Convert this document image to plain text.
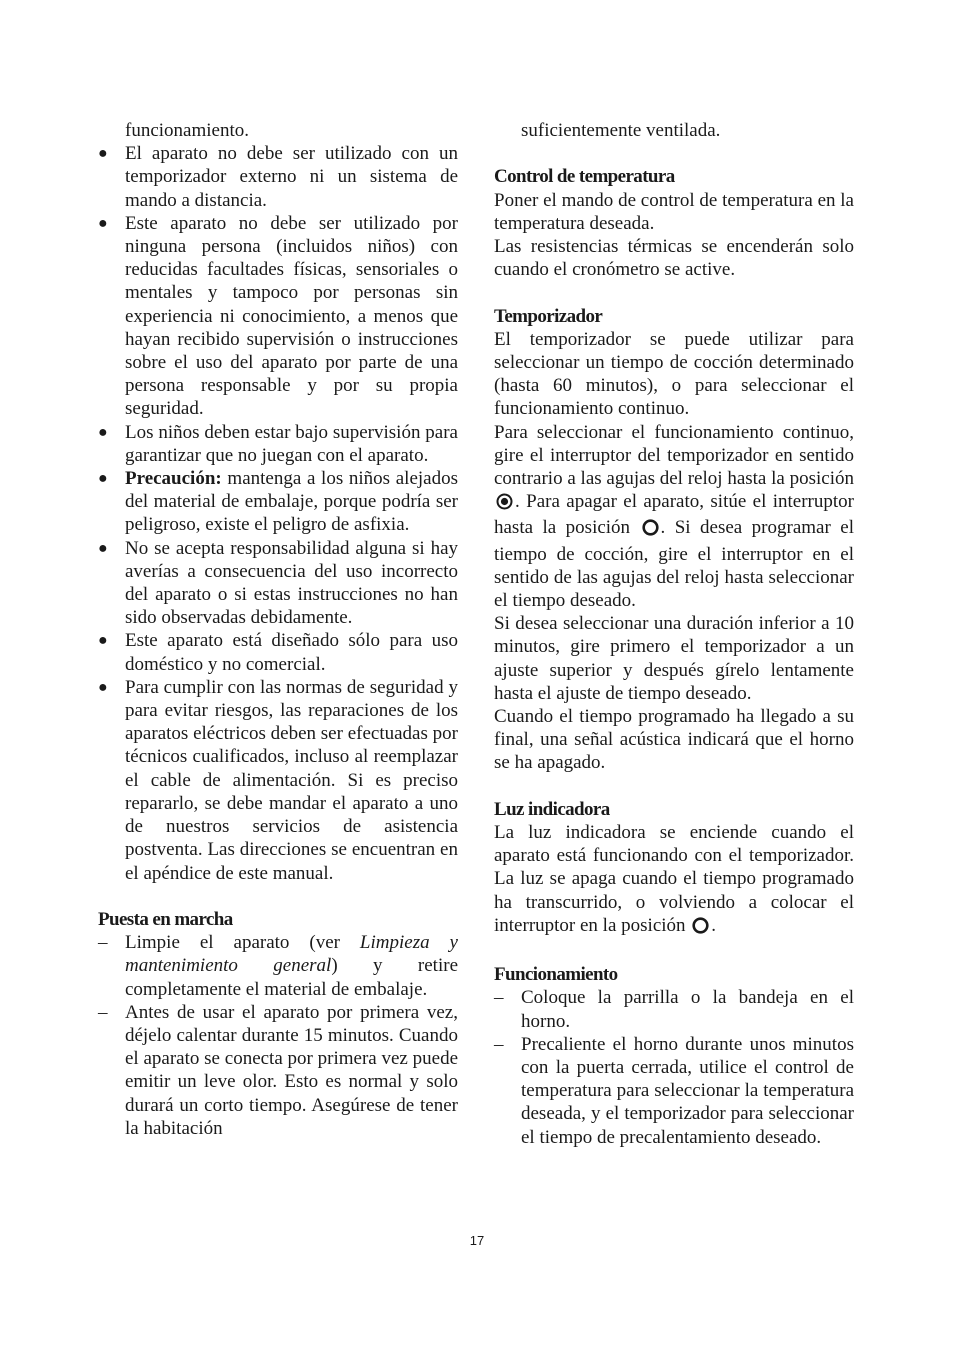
funcionamiento.

● El aparato no debe ser utilizado con un temporizador externo ni un sistema de mando a distancia.
● Este aparato no debe ser utilizado por ninguna persona (incluidos niños) con reducidas facultades físicas, sensoriales o mentales y tampoco por personas sin experiencia ni conocimiento, a menos que hayan recibido supervisión o instrucciones sobre el uso del aparato por parte de una persona responsable y por su propia seguridad.
● Los niños deben estar bajo supervisión para garantizar que no juegan con el aparato.
● Precaución: mantenga a los niños alejados del material de embalaje, porque podría ser peligroso, existe el peligro de asfixia.
● No se acepta responsabilidad alguna si hay averías a consecuencia del uso incorrecto del aparato o si estas instrucciones no han sido observadas debidamente.
● Este aparato está diseñado sólo para uso doméstico y no comercial.
● Para cumplir con las normas de seguridad y para evitar riesgos, las reparaciones de los aparatos eléctricos deben ser efectuadas por técnicos cualificados, incluso al reemplazar el cable de alimentación. Si es preciso repararlo, se debe mandar el aparato a uno de nuestros servicios de asistencia postventa. Las direcciones se encuentran en el apéndice de este manual.
Puesta en marcha
– Limpie el aparato (ver Limpieza y mantenimiento general) y retire completamente el material de embalaje.
– Antes de usar el aparato por primera vez, déjelo calentar durante 15 minutos. Cuando el aparato se conecta por primera vez puede emitir un leve olor. Esto es normal y solo durará un corto tiempo. Asegúrese de tener la habitación

suficientemente ventilada.

Control de temperatura

Poner el mando de control de temperatura en la temperatura deseada.

Las resistencias térmicas se encenderán solo cuando el cronómetro se active.

Temporizador

El temporizador se puede utilizar para seleccionar un tiempo de cocción determinado (hasta 60 minutos), o para seleccionar el funcionamiento continuo.

Para seleccionar el funcionamiento continuo, gire el interruptor del temporizador en sentido contrario a las agujas del reloj hasta la posición . Para apagar el aparato, sitúe el interruptor hasta la posición . Si desea programar el tiempo de cocción, gire el interruptor en el sentido de las agujas del reloj hasta seleccionar el tiempo deseado.

Si desea seleccionar una duración inferior a 10 minutos, gire primero el temporizador a un ajuste superior y después gírelo lentamente hasta el ajuste de tiempo deseado.

Cuando el tiempo programado ha llegado a su final, una señal acústica indicará que el horno se ha apagado.

Luz indicadora

La luz indicadora se enciende cuando el aparato está funcionando con el temporizador. La luz se apaga cuando el tiempo programado ha transcurrido, o volviendo a colocar el interruptor en la posición .

Funcionamiento
– Coloque la parrilla o la bandeja en el horno.
– Precaliente el horno durante unos minutos con la puerta cerrada, utilice el control de temperatura para seleccionar la temperatura deseada, y el temporizador para seleccionar el tiempo de precalentamiento deseado.
17
